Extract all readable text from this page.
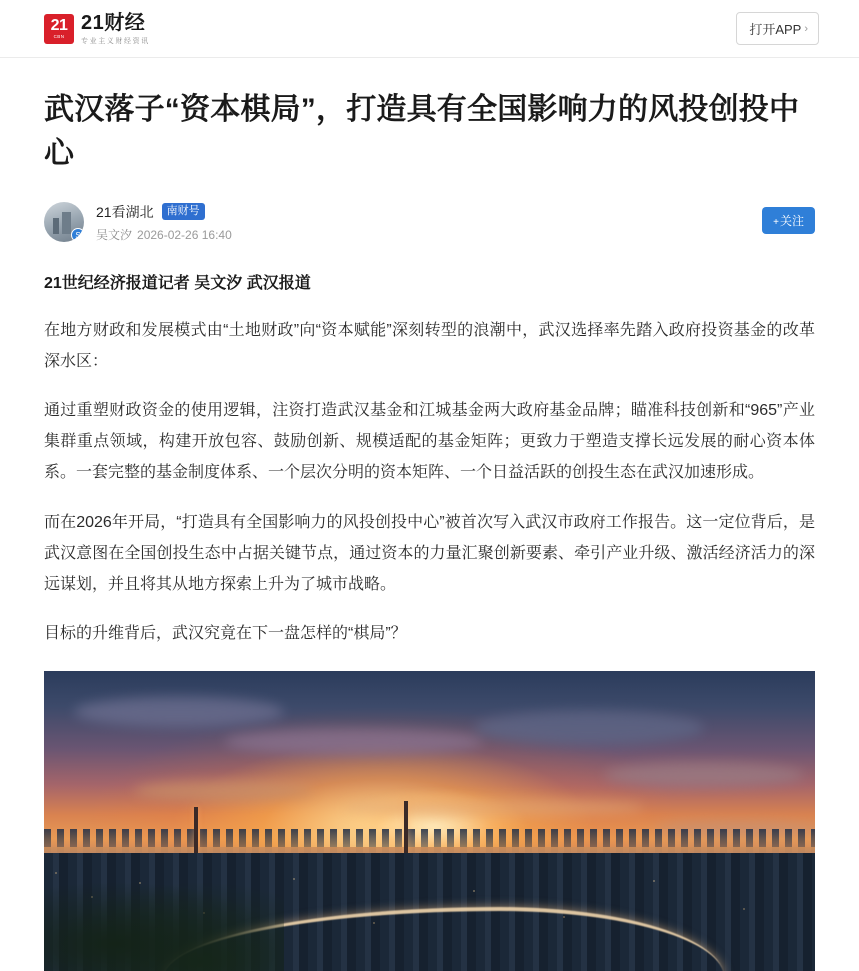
21
CBN
21财经
专业主义财经资讯
打开APP ›
武汉落子“资本棋局”，打造具有全国影响力的风投创投中心
S
21看湖北	南财号
吴文汐 2026-02-26 16:40
+关注
21世纪经济报道记者 吴文汐 武汉报道

在地方财政和发展模式由“土地财政”向“资本赋能”深刻转型的浪潮中，武汉选择率先踏入政府投资基金的改革深水区：

通过重塑财政资金的使用逻辑，注资打造武汉基金和江城基金两大政府基金品牌；瞄准科技创新和“965”产业集群重点领域，构建开放包容、鼓励创新、规模适配的基金矩阵；更致力于塑造支撑长远发展的耐心资本体系。一套完整的基金制度体系、一个层次分明的资本矩阵、一个日益活跃的创投生态在武汉加速形成。

而在2026年开局，“打造具有全国影响力的风投创投中心”被首次写入武汉市政府工作报告。这一定位背后，是武汉意图在全国创投生态中占据关键节点，通过资本的力量汇聚创新要素、牵引产业升级、激活经济活力的深远谋划，并且将其从地方探索上升为了城市战略。

目标的升维背后，武汉究竟在下一盘怎样的“棋局”？
